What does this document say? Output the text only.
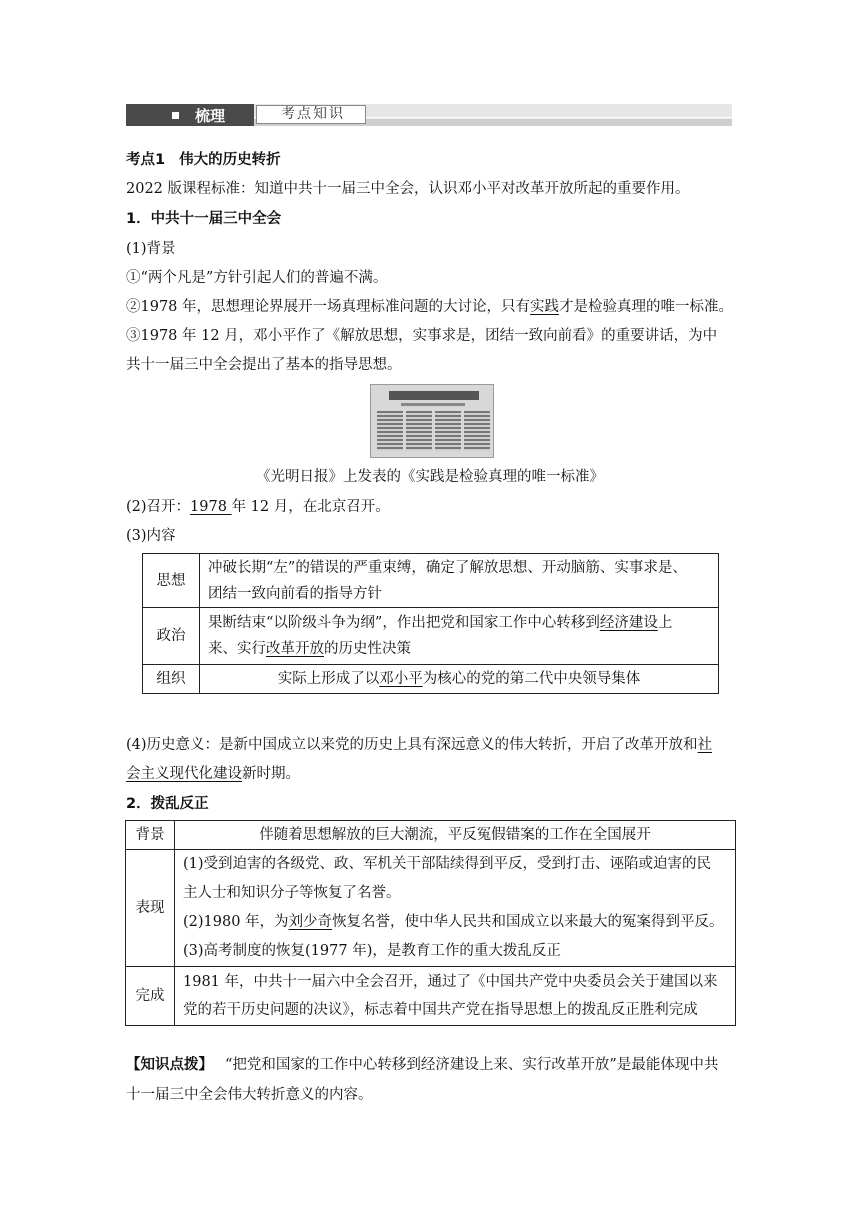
梳理	考点知识
考点1 伟大的历史转折
2022 版课程标准：知道中共十一届三中全会，认识邓小平对改革开放所起的重要作用。
1．中共十一届三中全会
(1)背景
①“两个凡是”方针引起人们的普遍不满。
②1978 年，思想理论界展开一场真理标准问题的大讨论，只有实践才是检验真理的唯一标准。
③1978 年 12 月，邓小平作了《解放思想，实事求是，团结一致向前看》的重要讲话，为中
共十一届三中全会提出了基本的指导思想。
《光明日报》上发表的《实践是检验真理的唯一标准》
(2)召开：1978 年 12 月，在北京召开。
(3)内容
思想	冲破长期“左”的错误的严重束缚，确定了解放思想、开动脑筋、实事求是、
团结一致向前看的指导方针

政治	果断结束“以阶级斗争为纲”，作出把党和国家工作中心转移到经济建设上
来、实行改革开放的历史性决策

组织	实际上形成了以邓小平为核心的党的第二代中央领导集体
(4)历史意义：是新中国成立以来党的历史上具有深远意义的伟大转折，开启了改革开放和社
会主义现代化建设新时期。
2．拨乱反正
背景	伴随着思想解放的巨大潮流，平反冤假错案的工作在全国展开
表现	(1)受到迫害的各级党、政、军机关干部陆续得到平反，受到打击、诬陷或迫害的民
主人士和知识分子等恢复了名誉。
(2)1980 年，为刘少奇恢复名誉，使中华人民共和国成立以来最大的冤案得到平反。
(3)高考制度的恢复(1977 年)，是教育工作的重大拨乱反正

完成	1981 年，中共十一届六中全会召开，通过了《中国共产党中央委员会关于建国以来
党的若干历史问题的决议》，标志着中国共产党在指导思想上的拨乱反正胜利完成
【知识点拨】 “把党和国家的工作中心转移到经济建设上来、实行改革开放”是最能体现中共
十一届三中全会伟大转折意义的内容。
